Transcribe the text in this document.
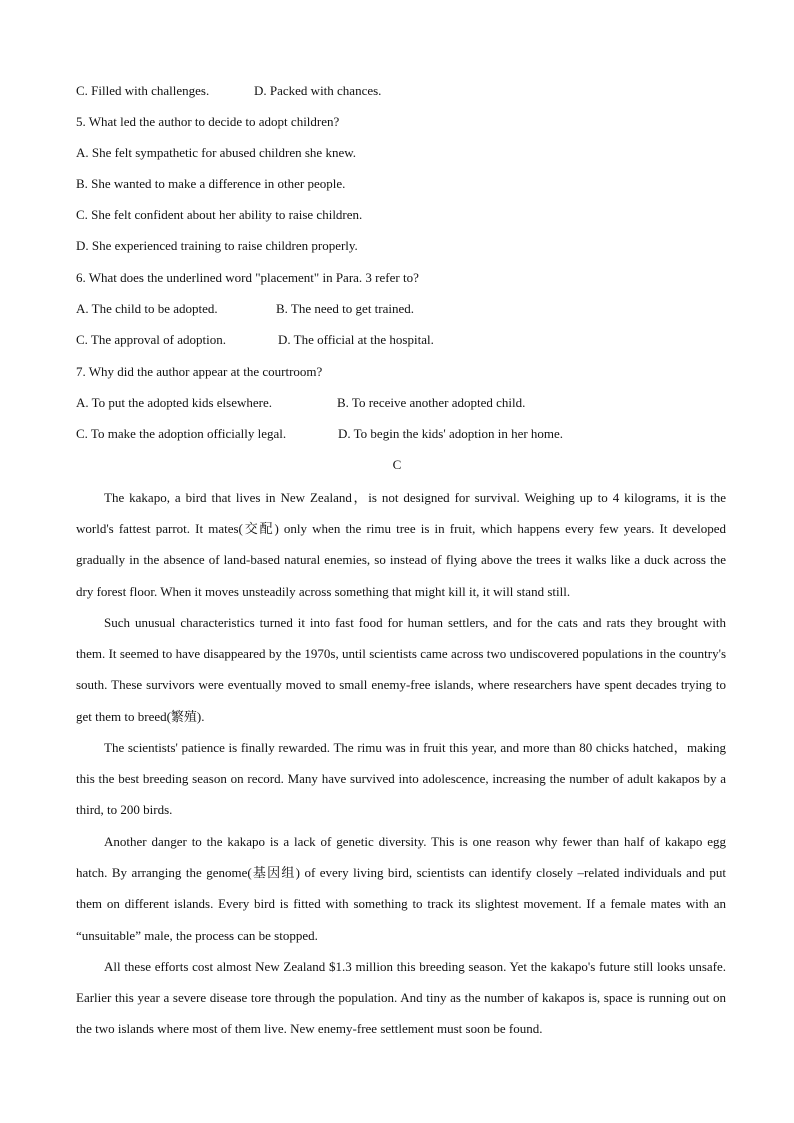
C. Filled with challenges.	D. Packed with chances.
5. What led the author to decide to adopt children?
A. She felt sympathetic for abused children she knew.
B. She wanted to make a difference in other people.
C. She felt confident about her ability to raise children.
D. She experienced training to raise children properly.
6. What does the underlined word "placement" in Para. 3 refer to?
A. The child to be adopted.	B. The need to get trained.
C. The approval of adoption.	D. The official at the hospital.
7. Why did the author appear at the courtroom?
A. To put the adopted kids elsewhere.	B. To receive another adopted child.
C. To make the adoption officially legal.	D. To begin the kids' adoption in her home.
C
The kakapo, a bird that lives in New Zealand，is not designed for survival. Weighing up to 4 kilograms, it is the world's fattest parrot. It mates(交配) only when the rimu tree is in fruit, which happens every few years. It developed gradually in the absence of land-based natural enemies, so instead of flying above the trees it walks like a duck across the dry forest floor. When it moves unsteadily across something that might kill it, it will stand still.
Such unusual characteristics turned it into fast food for human settlers, and for the cats and rats they brought with them. It seemed to have disappeared by the 1970s, until scientists came across two undiscovered populations in the country's south. These survivors were eventually moved to small enemy-free islands, where researchers have spent decades trying to get them to breed(繁殖).
The scientists' patience is finally rewarded. The rimu was in fruit this year, and more than 80 chicks hatched，making this the best breeding season on record. Many have survived into adolescence, increasing the number of adult kakapos by a third, to 200 birds.
Another danger to the kakapo is a lack of genetic diversity. This is one reason why fewer than half of kakapo egg hatch. By arranging the genome(基因组) of every living bird, scientists can identify closely –related individuals and put them on different islands. Every bird is fitted with something to track its slightest movement. If a female mates with an “unsuitable” male, the process can be stopped.
All these efforts cost almost New Zealand $1.3 million this breeding season. Yet the kakapo's future still looks unsafe. Earlier this year a severe disease tore through the population. And tiny as the number of kakapos is, space is running out on the two islands where most of them live. New enemy-free settlement must soon be found.
